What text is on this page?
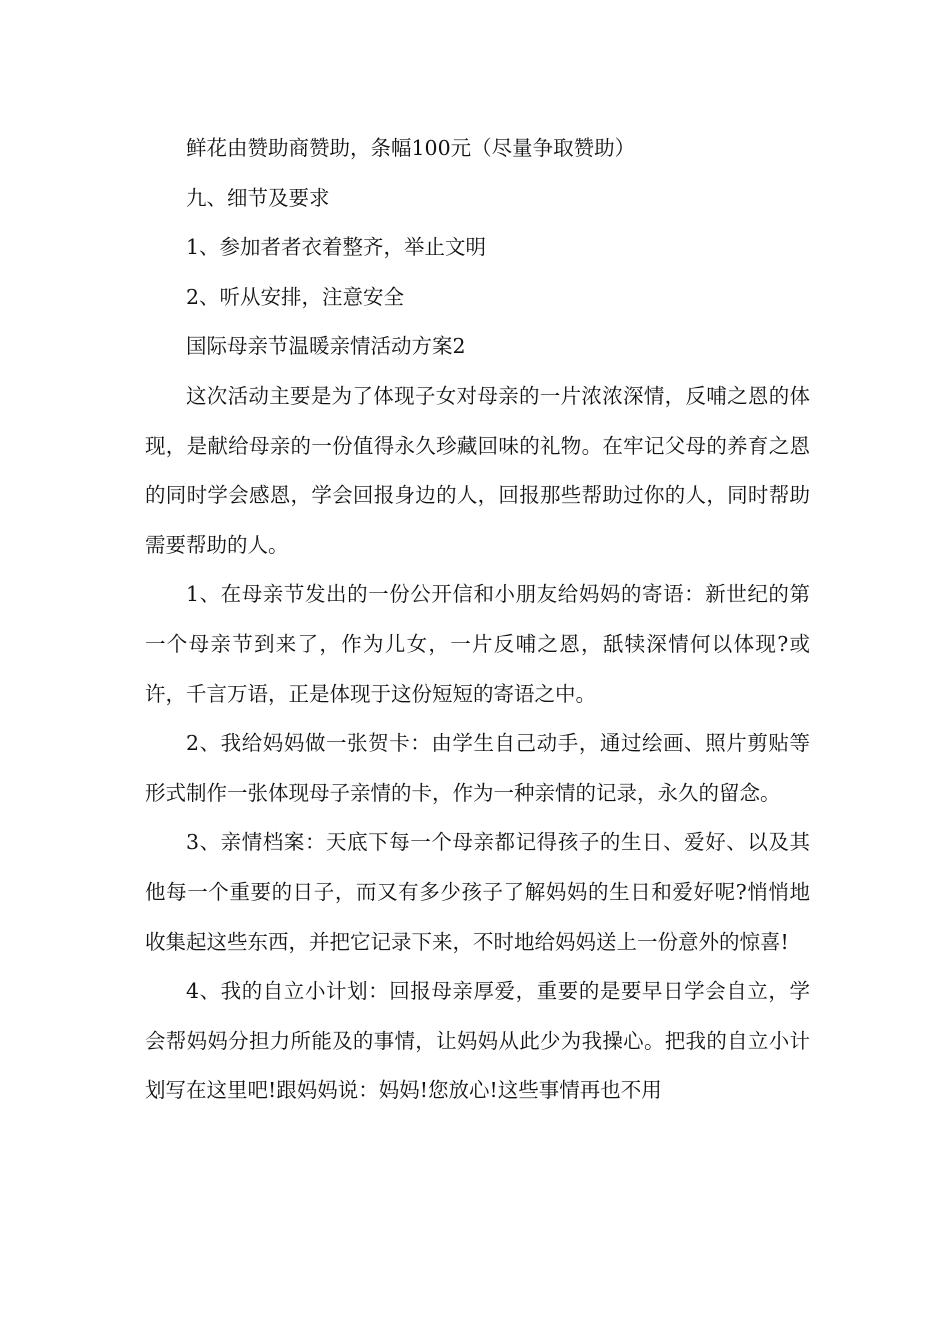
鲜花由赞助商赞助，条幅100元（尽量争取赞助）

九、细节及要求

1、参加者者衣着整齐，举止文明

2、听从安排，注意安全

国际母亲节温暖亲情活动方案2

这次活动主要是为了体现子女对母亲的一片浓浓深情，反哺之恩的体现，是献给母亲的一份值得永久珍藏回味的礼物。在牢记父母的养育之恩的同时学会感恩，学会回报身边的人，回报那些帮助过你的人，同时帮助需要帮助的人。

1、在母亲节发出的一份公开信和小朋友给妈妈的寄语：新世纪的第一个母亲节到来了，作为儿女，一片反哺之恩，舐犊深情何以体现?或许，千言万语，正是体现于这份短短的寄语之中。

2、我给妈妈做一张贺卡：由学生自己动手，通过绘画、照片剪贴等形式制作一张体现母子亲情的卡，作为一种亲情的记录，永久的留念。

3、亲情档案：天底下每一个母亲都记得孩子的生日、爱好、以及其他每一个重要的日子，而又有多少孩子了解妈妈的生日和爱好呢?悄悄地收集起这些东西，并把它记录下来，不时地给妈妈送上一份意外的惊喜!

4、我的自立小计划：回报母亲厚爱，重要的是要早日学会自立，学会帮妈妈分担力所能及的事情，让妈妈从此少为我操心。把我的自立小计划写在这里吧!跟妈妈说：妈妈!您放心!这些事情再也不用
